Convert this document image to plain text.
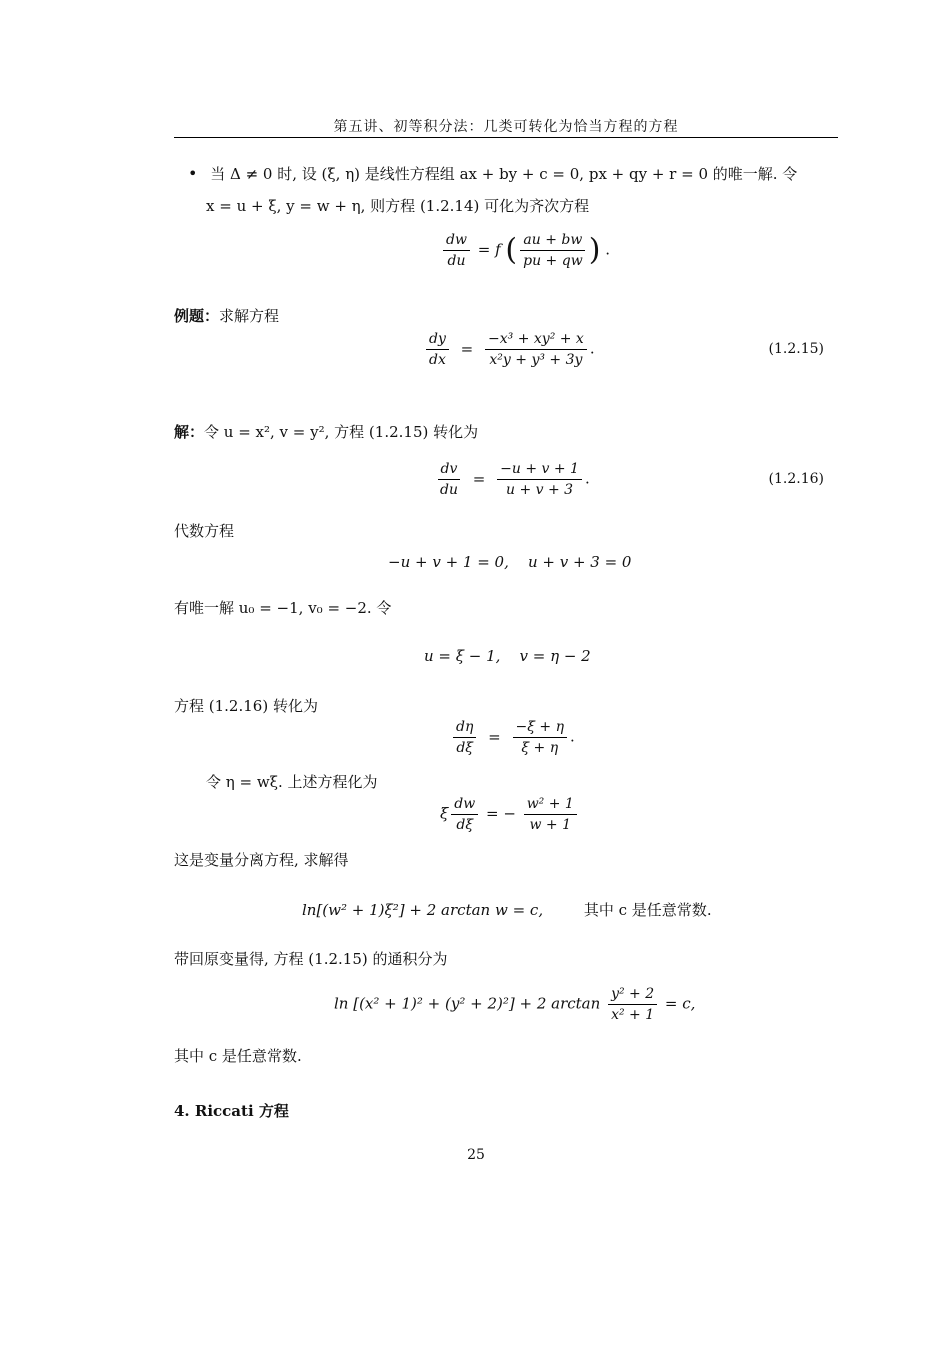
第五讲、初等积分法：几类可转化为恰当方程的方程
• 当 Δ ≠ 0 时, 设 (ξ, η) 是线性方程组 ax + by + c = 0, px + qy + r = 0 的唯一解. 令
x = u + ξ, y = w + η, 则方程 (1.2.14) 可化为齐次方程
$\frac{dw}{du} = f$ ( $\frac{au + bw}{pu + qw}$ ) .
例题：求解方程
$\frac{dy}{dx} = \frac{\text{−x³ + xy² + x}}{\text{x²y + y³ + 3y}}$ .	(1.2.15)
解：令 u = x², v = y², 方程 (1.2.15) 转化为
$\frac{dv}{du} = \frac{-u + v + 1}{u + v + 3}$ .	(1.2.16)
代数方程
−u + v + 1 = 0,    u + v + 3 = 0
有唯一解 u₀ = −1, v₀ = −2. 令
u = ξ − 1,    v = η − 2
方程 (1.2.16) 转化为
$\frac{d\eta}{d\xi} = \frac{-\xi + \eta}{\xi + \eta}$ .
令 η = wξ. 上述方程化为
ξ $\frac{dw}{d\xi}$ = − $\frac{\text{w² + 1}}{w + 1}$
这是变量分离方程, 求解得
ln[(w² + 1)ξ²] + 2 arctan w = c,	其中 c 是任意常数.
带回原变量得, 方程 (1.2.15) 的通积分为
ln [(x² + 1)² + (y² + 2)²] + 2 $\arctan \frac{\text{y² + 2}}{\text{x² + 1}} = c$,
其中 c 是任意常数.
4. Riccati 方程
25
